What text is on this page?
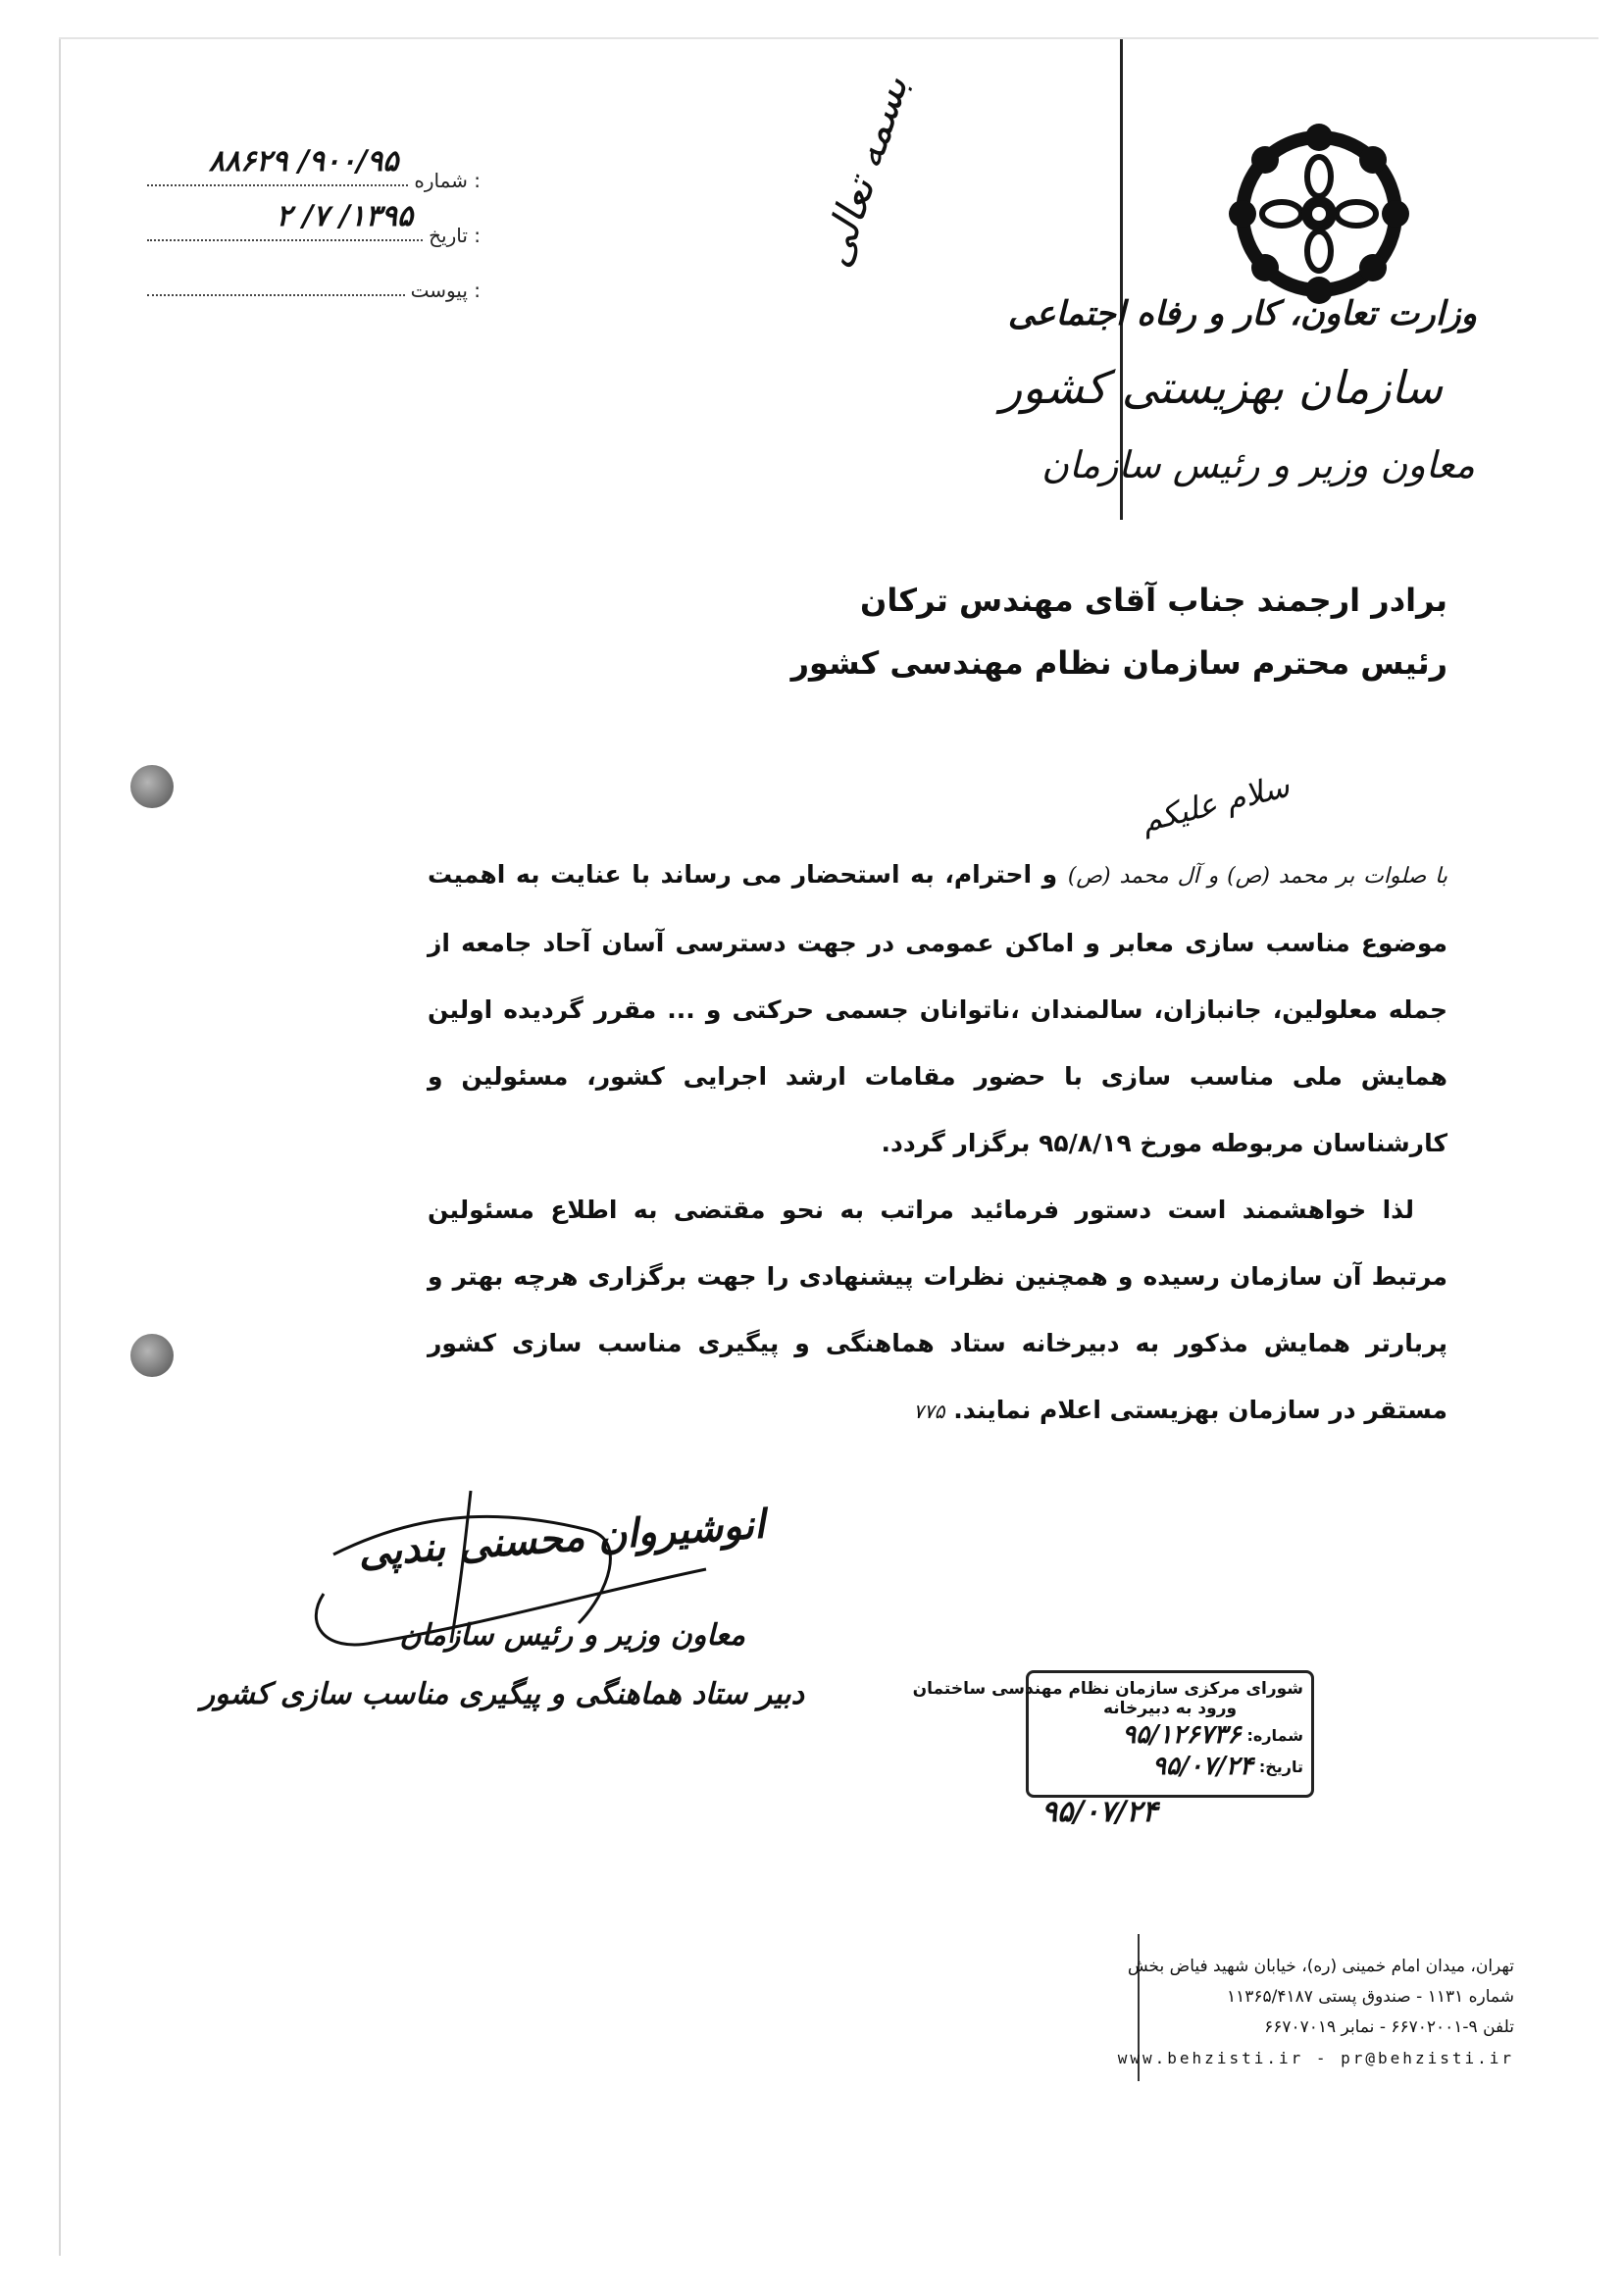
وزارت تعاون، کار و رفاه اجتماعی
سازمان بهزیستی کشور
معاون وزیر و رئیس سازمان
بسمه تعالی
: شماره
۹۰۰/۹۵/ ۸۸۶۲۹
: تاریخ
۱۳۹۵/ ۷/ ۲
: پیوست
برادر ارجمند جناب آقای مهندس ترکان
رئیس محترم سازمان نظام مهندسی کشور
سلام علیکم

با صلوات بر محمد (ص) و آل محمد (ص) و احترام، به استحضار می رساند با عنایت به اهمیت موضوع مناسب سازی معابر و اماکن عمومی در جهت دسترسی آسان آحاد جامعه از جمله معلولین، جانبازان، سالمندان ،ناتوانان جسمی حرکتی و ... مقرر گردیده اولین همایش ملی مناسب سازی با حضور مقامات ارشد اجرایی کشور، مسئولین و کارشناسان مربوطه مورخ ۹۵/۸/۱۹ برگزار گردد.

لذا خواهشمند است دستور فرمائید مراتب به نحو مقتضی به اطلاع مسئولین مرتبط آن سازمان رسیده و همچنین نظرات پیشنهادی را جهت برگزاری هرچه بهتر و پربارتر همایش مذکور به دبیرخانه ستاد هماهنگی و پیگیری مناسب سازی کشور مستقر در سازمان بهزیستی اعلام نمایند. ۷۷۵

انوشیروان محسنی بندپی
معاون وزیر و رئیس سازمان
دبیر ستاد هماهنگی و پیگیری مناسب سازی کشور	شورای مرکزی سازمان نظام مهندسی ساختمان
ورود به دبیرخانه
شماره:
۹۵/۱۲۶۷۳۶
تاریخ:
۹۵/۰۷/۲۴
۹۵/۰۷/۲۴
تهران، میدان امام خمینی (ره)، خیابان شهید فیاض بخش
شماره ۱۱۳۱ - صندوق پستی ۱۱۳۶۵/۴۱۸۷
تلفن ۹-۶۶۷۰۲۰۰۱ - نمابر ۶۶۷۰۷۰۱۹
www.behzisti.ir - pr@behzisti.ir
